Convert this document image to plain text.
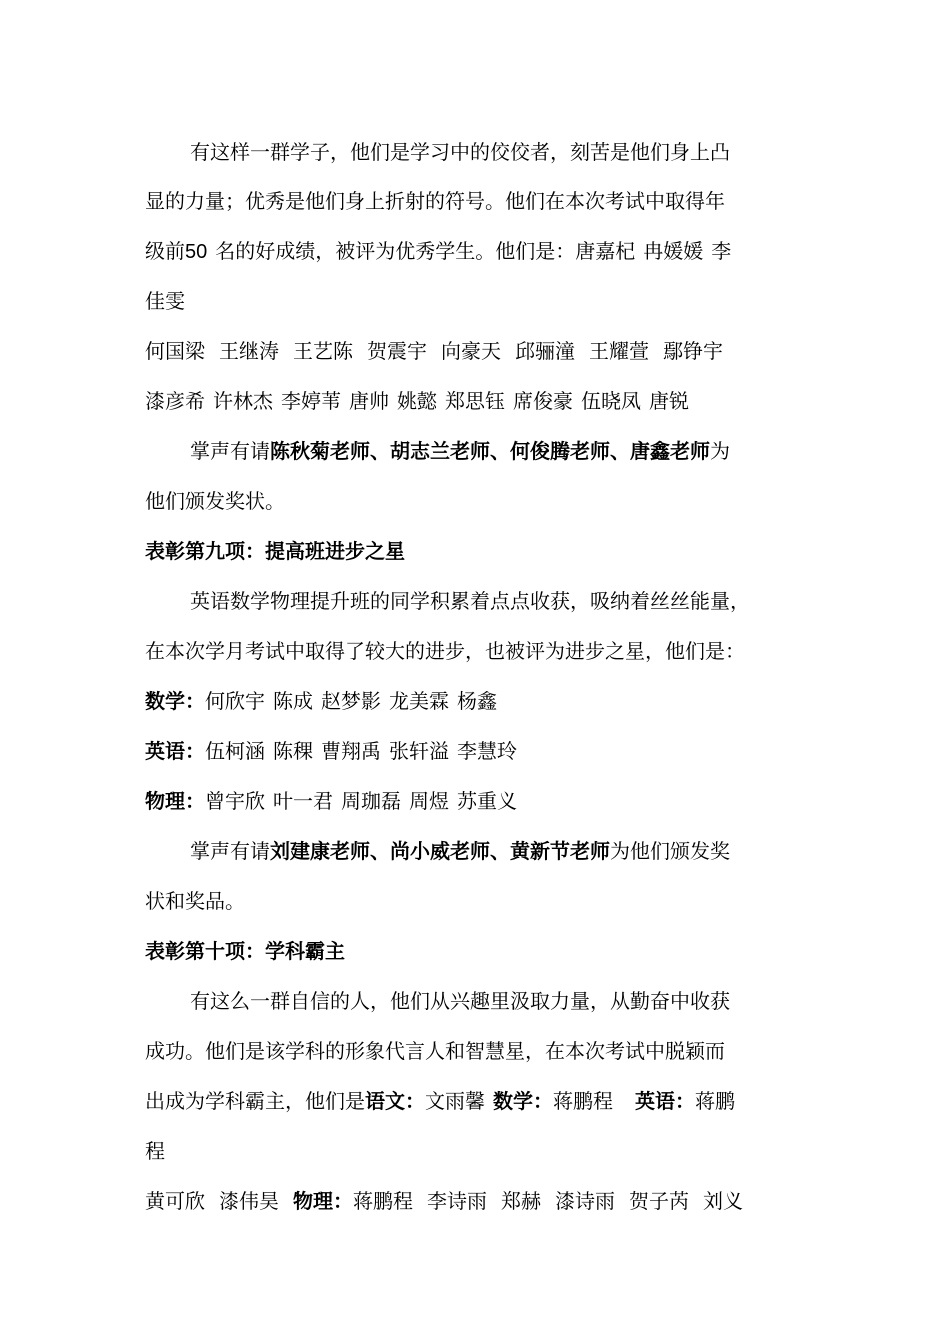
有这样一群学子，他们是学习中的佼佼者，刻苦是他们身上凸
显的力量；优秀是他们身上折射的符号。他们在本次考试中取得年
级前50 名的好成绩，被评为优秀学生。他们是：唐嘉杞 冉媛媛 李
佳雯
何国梁 王继涛 王艺陈 贺震宇 向豪天 邱骊潼 王耀萱 鄢铮宇
漆彦希 许林杰 李婷苇 唐帅 姚懿 郑思钰 席俊豪 伍晓凤 唐锐
掌声有请陈秋菊老师、胡志兰老师、何俊腾老师、唐鑫老师为
他们颁发奖状。
表彰第九项：提高班进步之星
英语数学物理提升班的同学积累着点点收获，吸纳着丝丝能量，
在本次学月考试中取得了较大的进步，也被评为进步之星，他们是：
数学：何欣宇 陈成 赵梦影 龙美霖 杨鑫
英语：伍柯涵 陈稞 曹翔禹 张轩溢 李慧玲
物理：曾宇欣 叶一君 周珈磊 周煜 苏重义
掌声有请刘建康老师、尚小威老师、黄新节老师为他们颁发奖
状和奖品。
表彰第十项：学科霸主
有这么一群自信的人，他们从兴趣里汲取力量，从勤奋中收获
成功。他们是该学科的形象代言人和智慧星，在本次考试中脱颖而
出成为学科霸主，他们是语文：文雨馨 数学：蒋鹏程 英语：蒋鹏
程
黄可欣 漆伟昊 物理：蒋鹏程 李诗雨 郑赫 漆诗雨 贺子芮 刘义
